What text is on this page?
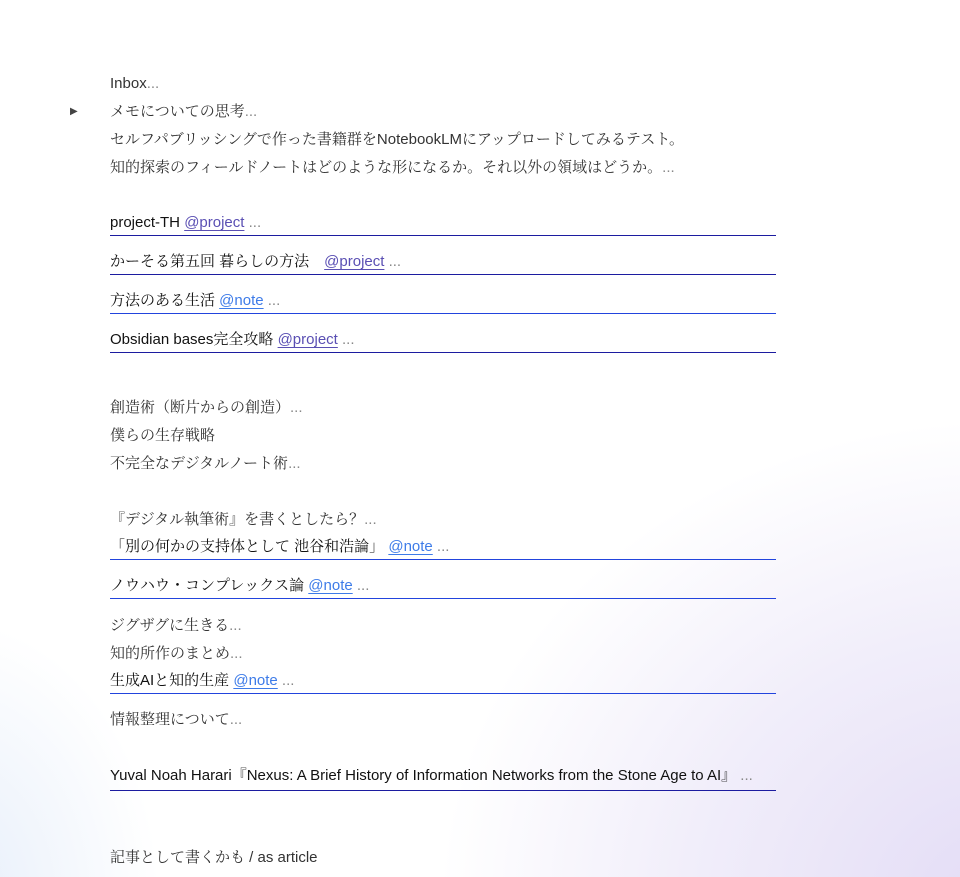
▶
Inbox...
メモについての思考...
セルフパブリッシングで作った書籍群をNotebookLMにアップロードしてみるテスト。
知的探索のフィールドノートはどのような形になるか。それ以外の領域はどうか。...
project-TH @project ...
かーそる第五回 暮らしの方法　@project ...
方法のある生活 @note ...
Obsidian bases完全攻略 @project ...
創造術（断片からの創造）...
僕らの生存戦略
不完全なデジタルノート術...
『デジタル執筆術』を書くとしたら？...
「別の何かの支持体として 池谷和浩論」 @note ...
ノウハウ・コンプレックス論 @note ...
ジグザグに生きる...
知的所作のまとめ...
生成AIと知的生産 @note ...
情報整理について...
Yuval Noah Harari『Nexus: A Brief History of Information Networks from the Stone Age to AI』 ...
記事として書くかも / as article
